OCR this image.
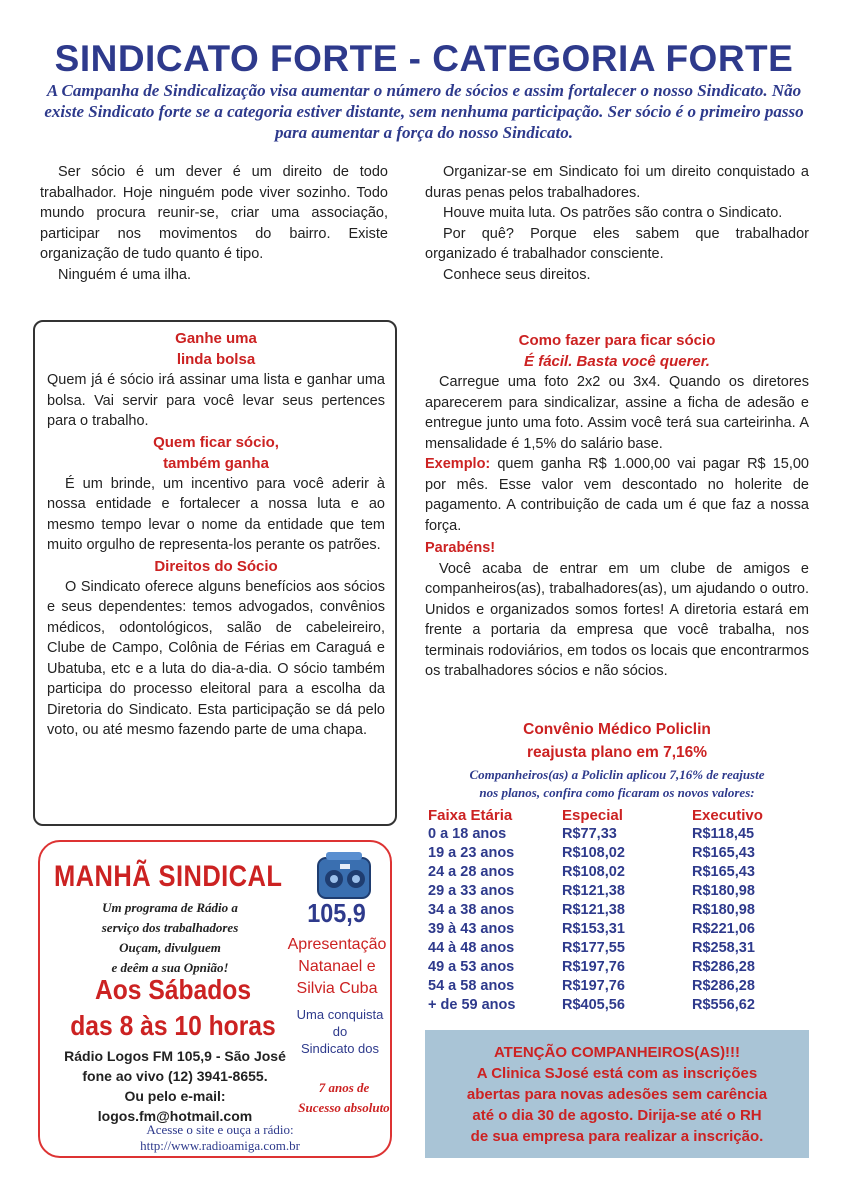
SINDICATO FORTE - CATEGORIA FORTE
A Campanha de Sindicalização visa aumentar o número de sócios e assim fortalecer o nosso Sindicato. Não existe Sindicato forte se a categoria estiver distante, sem nenhuma participação. Ser sócio é o primeiro passo para aumentar a força do nosso Sindicato.

Ser sócio é um dever é um direito de todo trabalhador. Hoje ninguém pode viver sozinho. Todo mundo procura reunir-se, criar uma associação, participar nos movimentos do bairro. Existe organização de tudo quanto é tipo.

Ninguém é uma ilha.

Organizar-se em Sindicato foi um direito conquistado a duras penas pelos trabalhadores.

Houve muita luta. Os patrões são contra o Sindicato.

Por quê? Porque eles sabem que trabalhador organizado é trabalhador consciente.

Conhece seus direitos.

Ganhe uma
linda bolsa

Quem já é sócio irá assinar uma lista e ganhar uma bolsa. Vai servir para você levar seus pertences para o trabalho.

Quem ficar sócio,
também ganha

É um brinde, um incentivo para você aderir à nossa entidade e fortalecer a nossa luta e ao mesmo tempo levar o nome da entidade que tem muito orgulho de representa-los perante os patrões.

Direitos do Sócio

O Sindicato oferece alguns benefícios aos sócios e seus dependentes: temos advogados, convênios médicos, odontológicos, salão de cabeleireiro, Clube de Campo, Colônia de Férias em Caraguá e Ubatuba, etc e a luta do dia-a-dia. O sócio também participa do processo eleitoral para a escolha da Diretoria do Sindicato. Esta participação se dá pelo voto, ou até mesmo fazendo parte de uma chapa.

MANHÃ SINDICAL
105,9
Um programa de Rádio a
serviço dos trabalhadores
Ouçam, divulguem
e deêm a sua Opnião!
Aos Sábados
das 8 às 10 horas
Rádio Logos FM 105,9 - São José
fone ao vivo (12) 3941-8655.
Ou pelo e-mail:
logos.fm@hotmail.com
Apresentação
Natanael e
Silvia Cuba
Uma conquista
do
Sindicato dos
7 anos de
Sucesso absoluto
Acesse o site e ouça a rádio:
http://www.radioamiga.com.br
Como fazer para ficar sócio
É fácil. Basta você querer.

Carregue uma foto 2x2 ou 3x4. Quando os diretores aparecerem para sindicalizar, assine a ficha de adesão e entregue junto uma foto. Assim você terá sua carteirinha. A mensalidade é 1,5% do salário base.

Exemplo: quem ganha R$ 1.000,00 vai pagar R$ 15,00 por mês. Esse valor vem descontado no holerite de pagamento. A contribuição de cada um é que faz a nossa força.
Parabéns!

Você acaba de entrar em um clube de amigos e companheiros(as), trabalhadores(as), um ajudando o outro. Unidos e organizados somos fortes! A diretoria estará em frente a portaria da empresa que você trabalha, nos terminais rodoviários, em todos os locais que encontrarmos os trabalhadores sócios e não sócios.

Convênio Médico Policlin
reajusta plano em 7,16%
Companheiros(as) a Policlin aplicou 7,16% de reajuste
nos planos, confira como ficaram os novos valores:
Faixa Etária	Especial	Executivo
0 a 18 anos	R$77,33	R$118,45
19 a 23 anos	R$108,02	R$165,43
24 a 28 anos	R$108,02	R$165,43
29 a 33 anos	R$121,38	R$180,98
34 a 38 anos	R$121,38	R$180,98
39 à 43 anos	R$153,31	R$221,06
44 à 48 anos	R$177,55	R$258,31
49 a 53 anos	R$197,76	R$286,28
54 a 58 anos	R$197,76	R$286,28
+ de 59 anos	R$405,56	R$556,62
ATENÇÃO COMPANHEIROS(AS)!!!
A Clinica SJosé está com as inscrições
abertas para novas adesões sem carência
até o dia 30 de agosto. Dirija-se até o RH
de sua empresa para realizar a inscrição.
